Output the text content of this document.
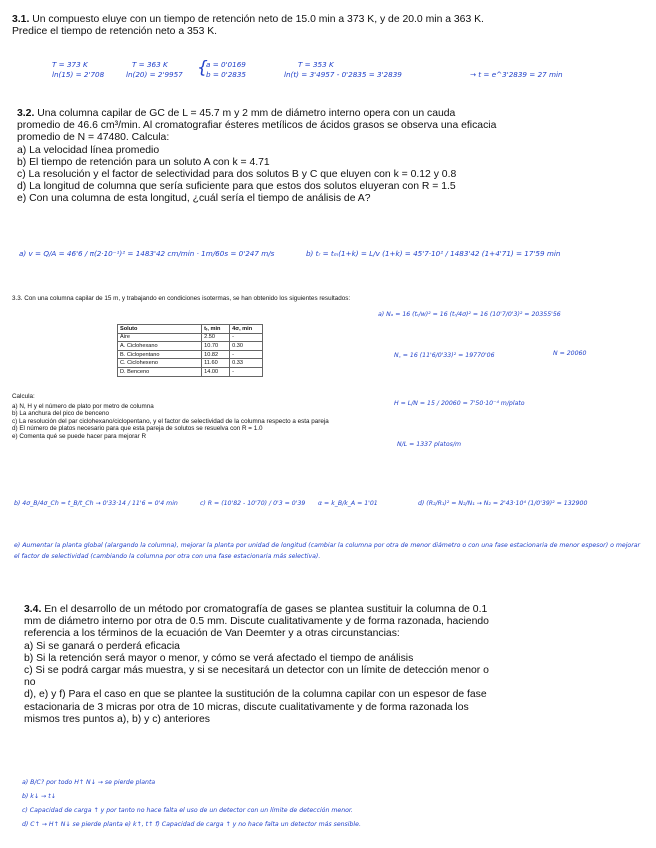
3.1. Un compuesto eluye con un tiempo de retención neto de 15.0 min a 373 K, y de 20.0 min a 363 K. Predice el tiempo de retención neto a 353 K.
T = 373 K
ln(15) = 2'708
T = 363 K
ln(20) = 2'9957 {
a = 0'0169
b = 0'2835
T = 353 K
ln(t) = 3'4957 - 0'2835 = 3'2839	→ t = e^3'2839 = 27 min
3.2. Una columna capilar de GC de L = 45.7 m y 2 mm de diámetro interno opera con un cauda promedio de 46.6 cm³/min. Al cromatografiar ésteres metílicos de ácidos grasos se observa una eficacia promedio de N = 47480. Calcula:
a) La velocidad línea promedio
b) El tiempo de retención para un soluto A con k = 4.71
c) La resolución y el factor de selectividad para dos solutos B y C que eluyen con k = 0.12 y 0.8
d) La longitud de columna que sería suficiente para que estos dos solutos eluyeran con R = 1.5
e) Con una columna de esta longitud, ¿cuál sería el tiempo de análisis de A?
a) v = Q/A = 46'6 / π(2·10⁻¹)² = 1483'42 cm/min · 1m/60s = 0'247 m/s	b) tᵣ = tₘ(1+k) = L/v (1+k) = 45'7·10² / 1483'42 (1+4'71) = 17'59 min
3.3. Con una columna capilar de 15 m, y trabajando en condiciones isotermas, se han obtenido los siguientes resultados:
Soluto	tᵣ, min	4σ, min
Aire	2.50	-
A. Ciclohexano	10.70	0.30
B. Ciclopentano	10.82	-
C. Ciclohexeno	11.60	0.33
D. Benceno	14.00	-
Calcula:
a) N, H y el número de plato por metro de columna
b) La anchura del pico de benceno
c) La resolución del par ciclohexano/ciclopentano, y el factor de selectividad de la columna respecto a esta pareja
d) El número de platos necesario para que esta pareja de solutos se resuelva con R = 1.0
e) Comenta qué se puede hacer para mejorar R
a) Nₐ = 16 (tᵣ/w)² = 16 (tᵣ/4σ)² = 16 (10'7/0'3)² = 20355'56
N꜀ = 16 (11'6/0'33)² = 19770'06	N = 20060
H = L/N = 15 / 20060 = 7'50·10⁻⁴ m/plato
N/L = 1337 platos/m
b) 4σ_B/4σ_Ch = t_B/t_Ch → 0'33·14 / 11'6 = 0'4 min	c) R = (10'82 - 10'70) / 0'3 = 0'39 α = k_B/k_A = 1'01	d) (R₂/R₁)² = N₂/N₁ → N₂ = 2'43·10⁴ (1/0'39)² = 132900
e) Aumentar la planta global (alargando la columna), mejorar la planta por unidad de longitud (cambiar la columna por otra de menor diámetro o con una fase estacionaria de menor espesor) o mejorar el factor de selectividad (cambiando la columna por otra con una fase estacionaria más selectiva).
3.4. En el desarrollo de un método por cromatografía de gases se plantea sustituir la columna de 0.1 mm de diámetro interno por otra de 0.5 mm. Discute cualitativamente y de forma razonada, haciendo referencia a los términos de la ecuación de Van Deemter y a otras circunstancias:
a) Si se ganará o perderá eficacia
b) Si la retención será mayor o menor, y cómo se verá afectado el tiempo de análisis
c) Si se podrá cargar más muestra, y si se necesitará un detector con un límite de detección menor o no
d), e) y f) Para el caso en que se plantee la sustitución de la columna capilar con un espesor de fase estacionaria de 3 micras por otra de 10 micras, discute cualitativamente y de forma razonada los mismos tres puntos a), b) y c) anteriores
a) B/C? por todo H↑ N↓ → se pierde planta
b) k↓ → t↓
c) Capacidad de carga ↑ y por tanto no hace falta el uso de un detector con un límite de detección menor.
d) C↑ → H↑ N↓ se pierde planta e) k↑, t↑ f) Capacidad de carga ↑ y no hace falta un detector más sensible.
